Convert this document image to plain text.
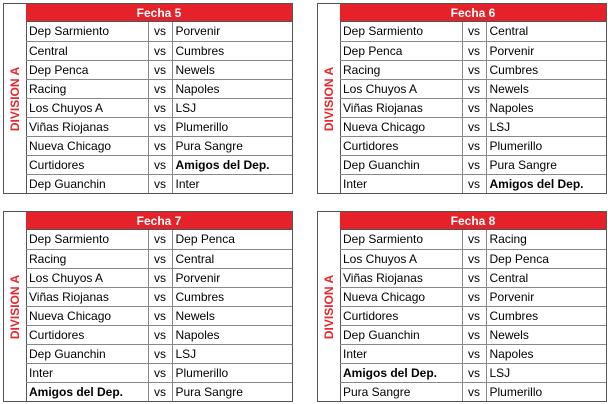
DIVISION A
Fecha 5
Dep Sarmiento	vs	Porvenir
Central	vs	Cumbres
Dep Penca	vs	Newels
Racing	vs	Napoles
Los Chuyos A	vs	LSJ
Viñas Riojanas	vs	Plumerillo
Nueva Chicago	vs	Pura Sangre
Curtidores	vs	Amigos del Dep.
Dep Guanchin	vs	Inter
DIVISION A
Fecha 6
Dep Sarmiento	vs	Central
Dep Penca	vs	Porvenir
Racing	vs	Cumbres
Los Chuyos A	vs	Newels
Viñas Riojanas	vs	Napoles
Nueva Chicago	vs	LSJ
Curtidores	vs	Plumerillo
Dep Guanchin	vs	Pura Sangre
Inter	vs	Amigos del Dep.
DIVISION A
Fecha 7
Dep Sarmiento	vs	Dep Penca
Racing	vs	Central
Los Chuyos A	vs	Porvenir
Viñas Riojanas	vs	Cumbres
Nueva Chicago	vs	Newels
Curtidores	vs	Napoles
Dep Guanchin	vs	LSJ
Inter	vs	Plumerillo
Amigos del Dep.	vs	Pura Sangre
DIVISION A
Fecha 8
Dep Sarmiento	vs	Racing
Los Chuyos A	vs	Dep Penca
Viñas Riojanas	vs	Central
Nueva Chicago	vs	Porvenir
Curtidores	vs	Cumbres
Dep Guanchin	vs	Newels
Inter	vs	Napoles
Amigos del Dep.	vs	LSJ
Pura Sangre	vs	Plumerillo
